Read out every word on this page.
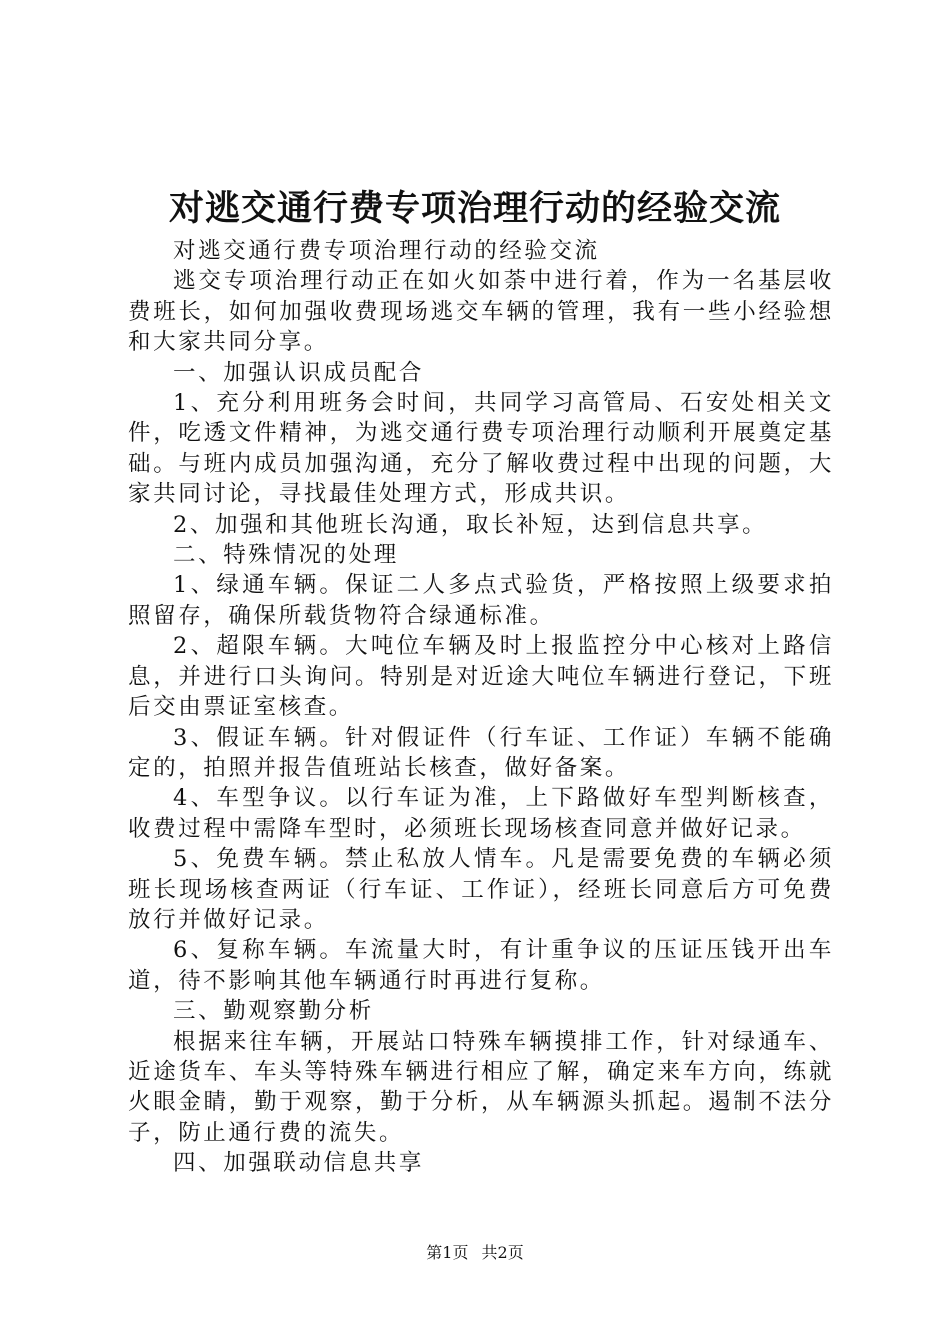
对逃交通行费专项治理行动的经验交流

对逃交通行费专项治理行动的经验交流

逃交专项治理行动正在如火如荼中进行着，作为一名基层收费班长，如何加强收费现场逃交车辆的管理，我有一些小经验想和大家共同分享。

一、加强认识成员配合

1、充分利用班务会时间，共同学习高管局、石安处相关文件，吃透文件精神，为逃交通行费专项治理行动顺利开展奠定基础。与班内成员加强沟通，充分了解收费过程中出现的问题，大家共同讨论，寻找最佳处理方式，形成共识。

2、加强和其他班长沟通，取长补短，达到信息共享。

二、特殊情况的处理

1、绿通车辆。保证二人多点式验货，严格按照上级要求拍照留存，确保所载货物符合绿通标准。

2、超限车辆。大吨位车辆及时上报监控分中心核对上路信息，并进行口头询问。特别是对近途大吨位车辆进行登记，下班后交由票证室核查。

3、假证车辆。针对假证件（行车证、工作证）车辆不能确定的，拍照并报告值班站长核查，做好备案。

4、车型争议。以行车证为准，上下路做好车型判断核查，收费过程中需降车型时，必须班长现场核查同意并做好记录。

5、免费车辆。禁止私放人情车。凡是需要免费的车辆必须班长现场核查两证（行车证、工作证），经班长同意后方可免费放行并做好记录。

6、复称车辆。车流量大时，有计重争议的压证压钱开出车道，待不影响其他车辆通行时再进行复称。

三、勤观察勤分析

根据来往车辆，开展站口特殊车辆摸排工作，针对绿通车、近途货车、车头等特殊车辆进行相应了解，确定来车方向，练就火眼金睛，勤于观察，勤于分析，从车辆源头抓起。遏制不法分子，防止通行费的流失。

四、加强联动信息共享

第1页 共2页
